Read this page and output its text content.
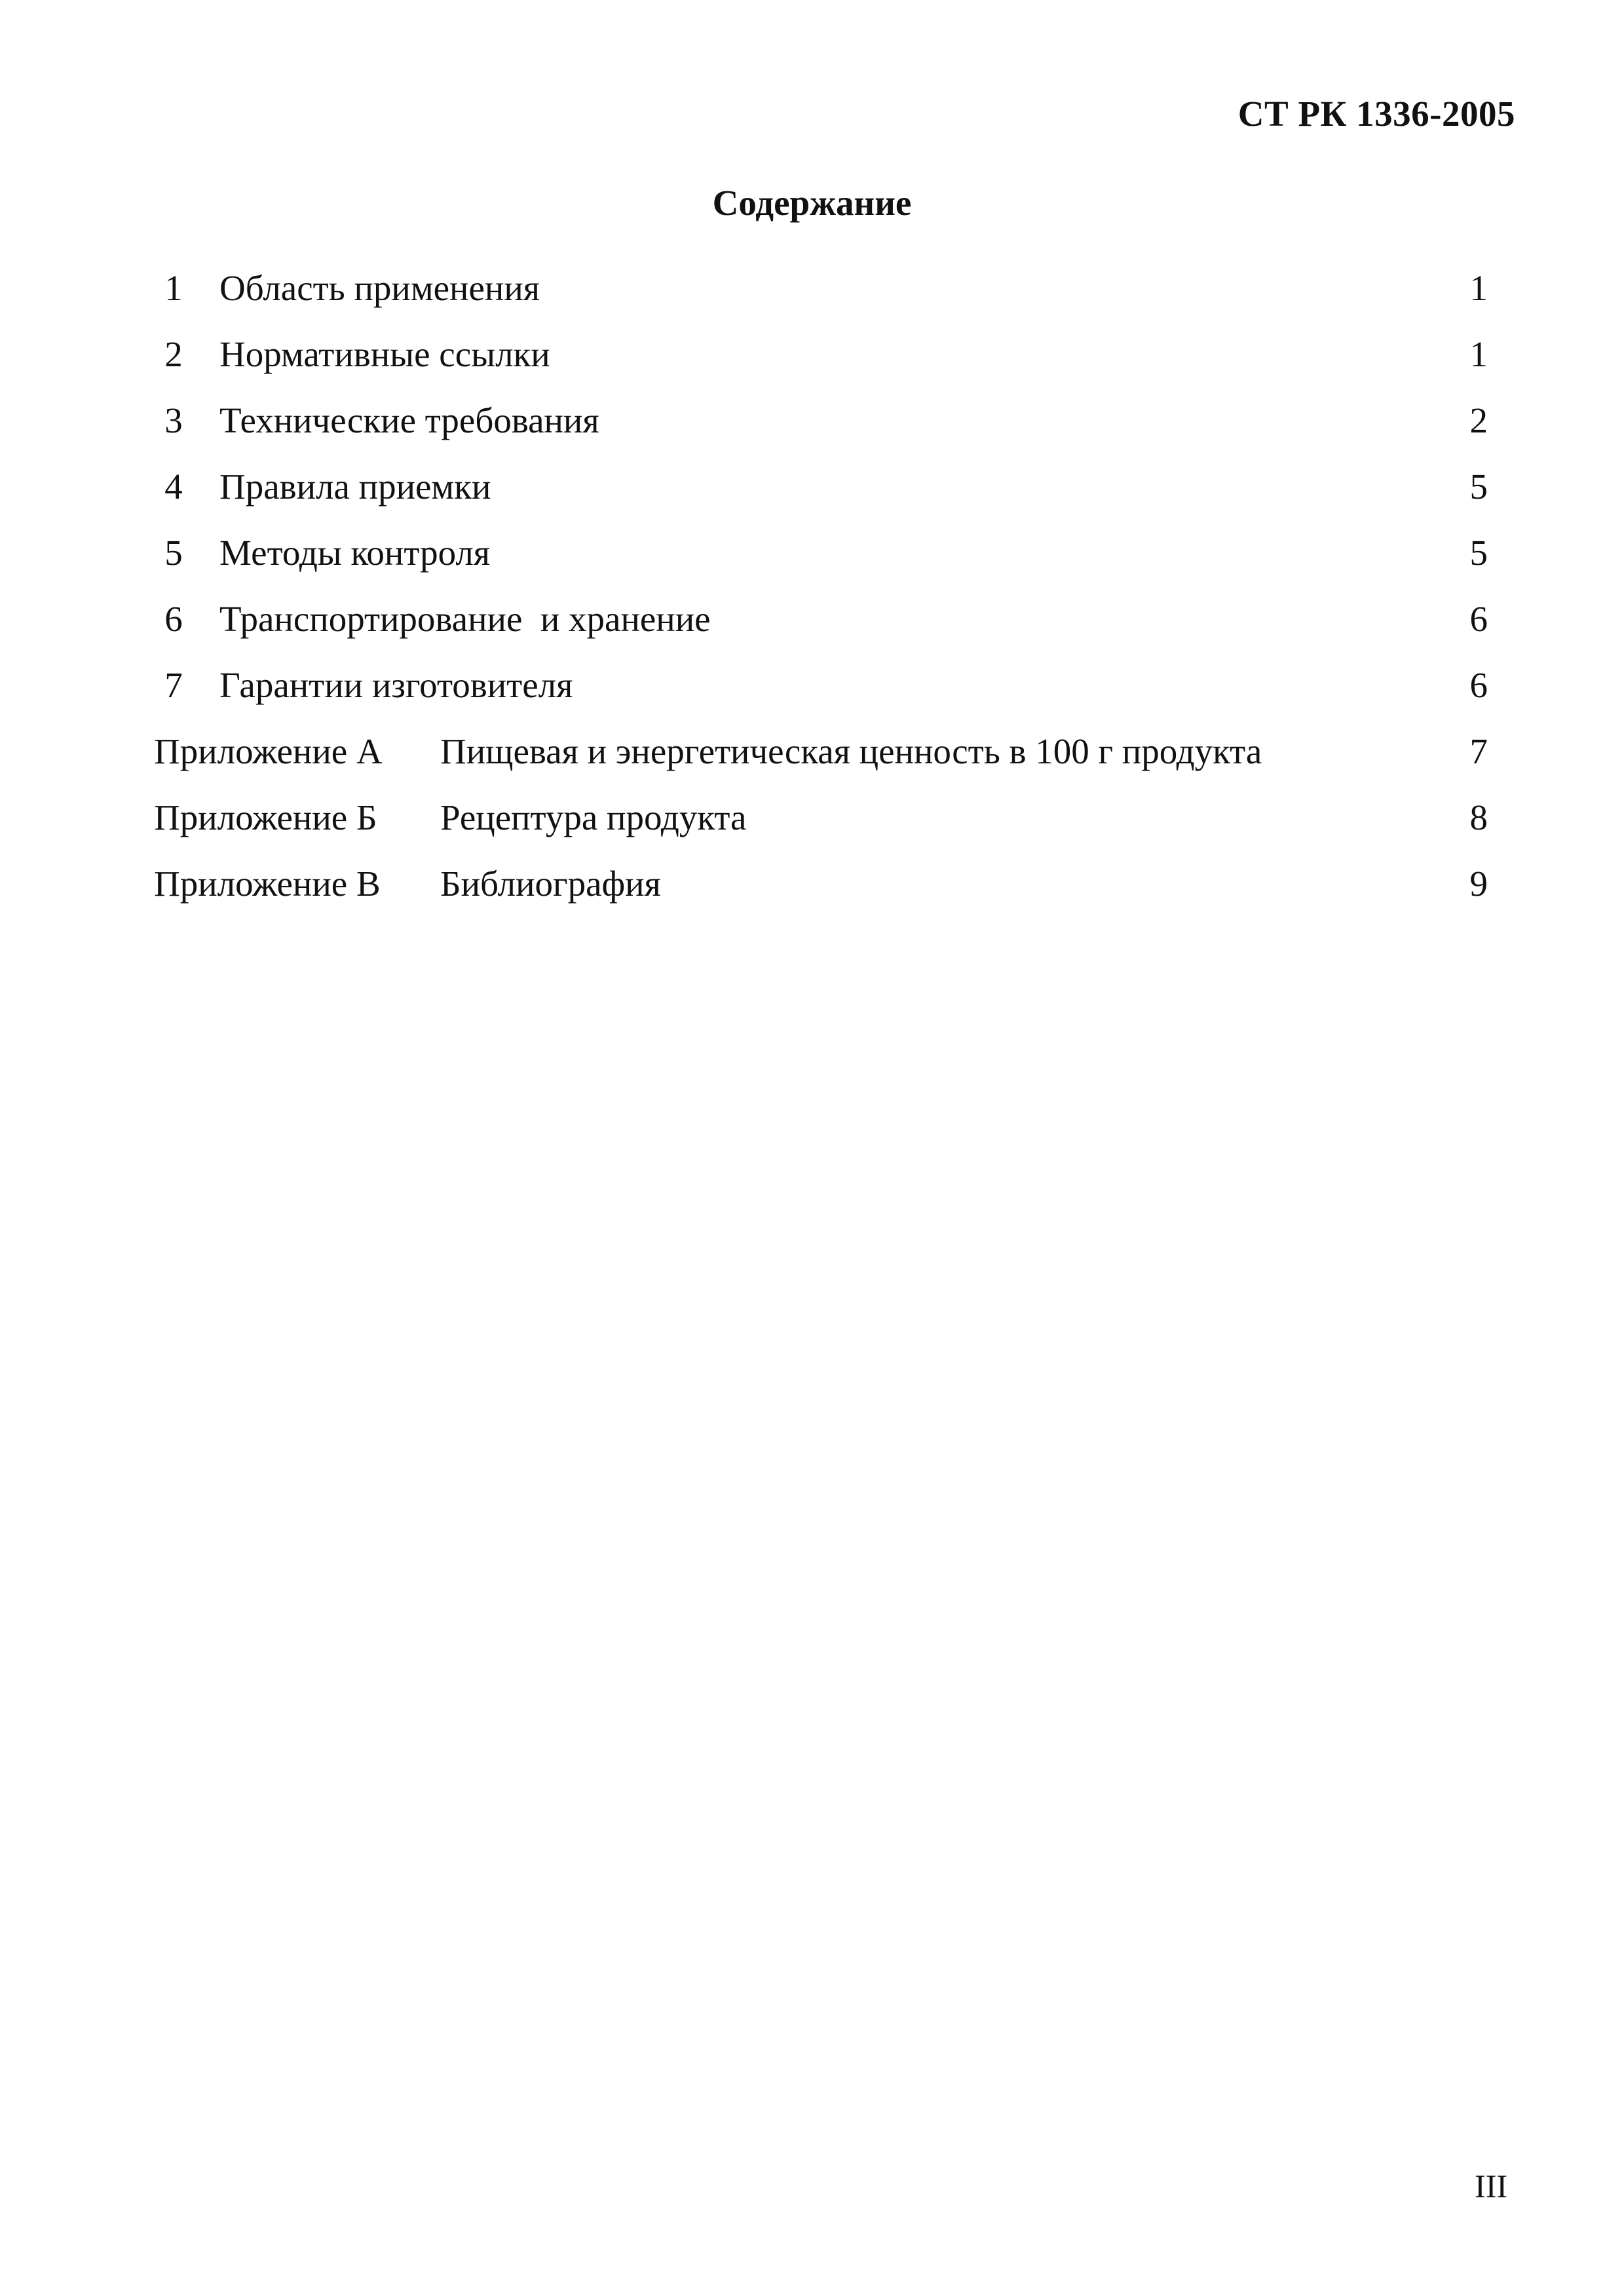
СТ РК 1336-2005
Содержание
1 Область применения	1
2 Нормативные ссылки	1
3 Технические требования	2
4 Правила приемки	5
5 Методы контроля	5
6 Транспортирование  и хранение	6
7 Гарантии изготовителя	6
Приложение А Пищевая и энергетическая ценность в 100 г продукта	7
Приложение Б Рецептура продукта	8
Приложение В Библиография	9
III
